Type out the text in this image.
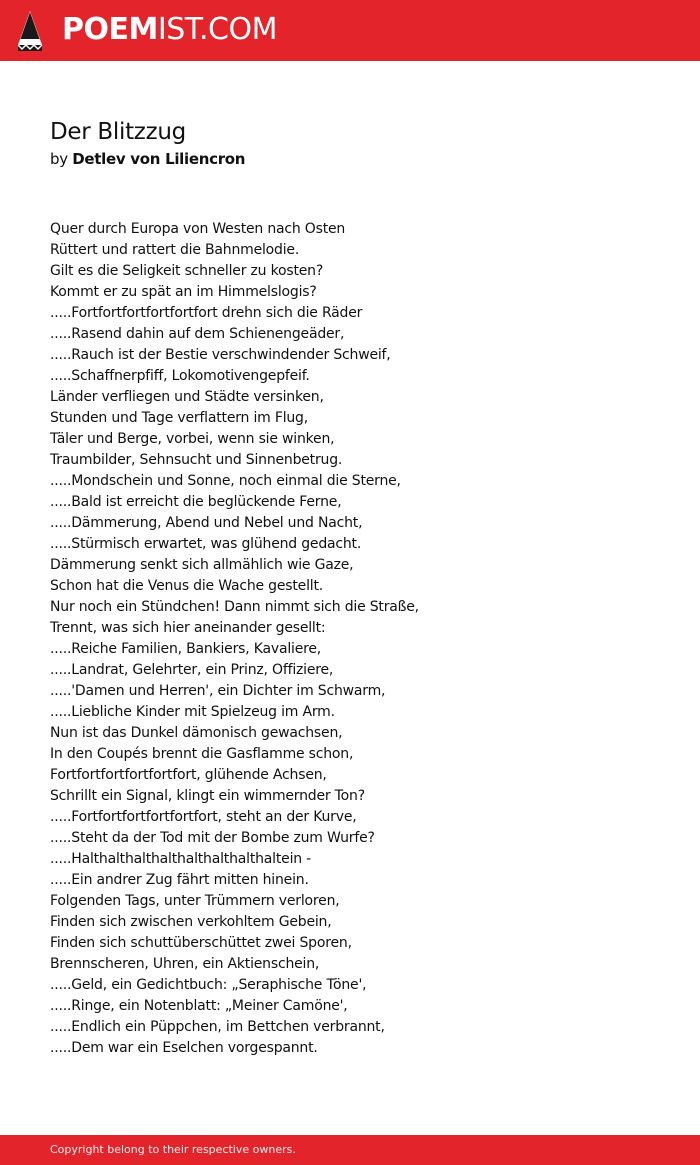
POEMIST.COM
Der Blitzzug
by Detlev von Liliencron
Quer durch Europa von Westen nach Osten
Rüttert und rattert die Bahnmelodie.
Gilt es die Seligkeit schneller zu kosten?
Kommt er zu spät an im Himmelslogis?
.....Fortfortfortfortfortfort drehn sich die Räder
.....Rasend dahin auf dem Schienengeäder,
.....Rauch ist der Bestie verschwindender Schweif,
.....Schaffnerpfiff, Lokomotivengepfeif.
Länder verfliegen und Städte versinken,
Stunden und Tage verflattern im Flug,
Täler und Berge, vorbei, wenn sie winken,
Traumbilder, Sehnsucht und Sinnenbetrug.
.....Mondschein und Sonne, noch einmal die Sterne,
.....Bald ist erreicht die beglückende Ferne,
.....Dämmerung, Abend und Nebel und Nacht,
.....Stürmisch erwartet, was glühend gedacht.
Dämmerung senkt sich allmählich wie Gaze,
Schon hat die Venus die Wache gestellt.
Nur noch ein Stündchen! Dann nimmt sich die Straße,
Trennt, was sich hier aneinander gesellt:
.....Reiche Familien, Bankiers, Kavaliere,
.....Landrat, Gelehrter, ein Prinz, Offiziere,
.....'Damen und Herren', ein Dichter im Schwarm,
.....Liebliche Kinder mit Spielzeug im Arm.
Nun ist das Dunkel dämonisch gewachsen,
In den Coupés brennt die Gasflamme schon,
Fortfortfortfortfortfort, glühende Achsen,
Schrillt ein Signal, klingt ein wimmernder Ton?
.....Fortfortfortfortfortfort, steht an der Kurve,
.....Steht da der Tod mit der Bombe zum Wurfe?
.....Halthalthalthalthalthalthalthaltein -
.....Ein andrer Zug fährt mitten hinein.
Folgenden Tags, unter Trümmern verloren,
Finden sich zwischen verkohltem Gebein,
Finden sich schuttüberschüttet zwei Sporen,
Brennscheren, Uhren, ein Aktienschein,
.....Geld, ein Gedichtbuch: „Seraphische Töne',
.....Ringe, ein Notenblatt: „Meiner Camöne',
.....Endlich ein Püppchen, im Bettchen verbrannt,
.....Dem war ein Eselchen vorgespannt.
Copyright belong to their respective owners.
